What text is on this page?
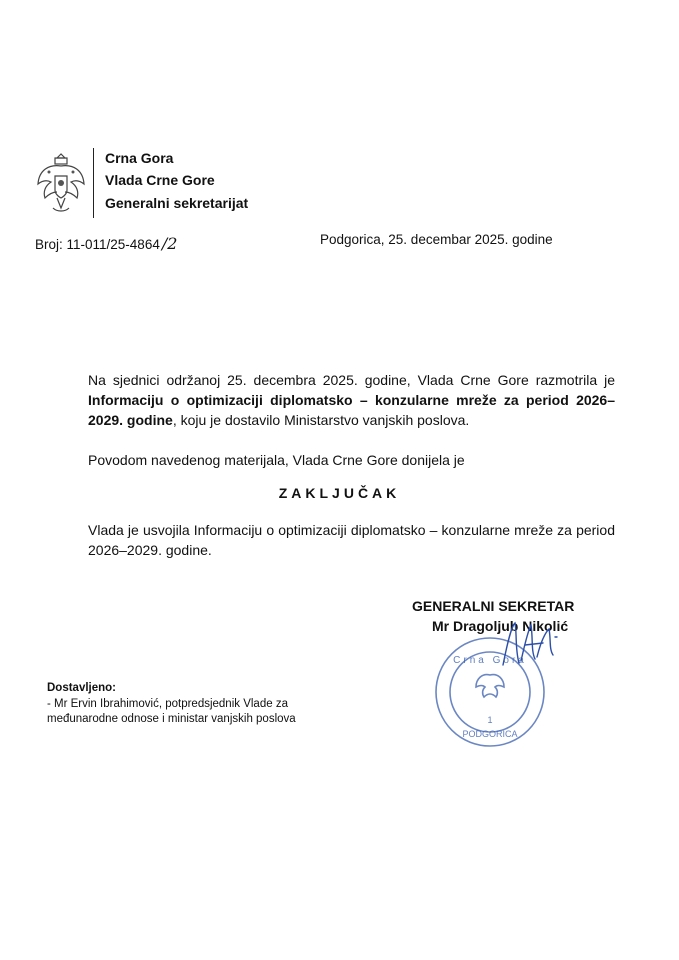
Crna Gora
Vlada Crne Gore
Generalni sekretarijat
Broj: 11-011/25-4864 /2	Podgorica, 25. decembar 2025. godine
Na sjednici održanoj 25. decembra 2025. godine, Vlada Crne Gore razmotrila je Informaciju o optimizaciji diplomatsko – konzularne mreže za period 2026–2029. godine, koju je dostavilo Ministarstvo vanjskih poslova.
Povodom navedenog materijala, Vlada Crne Gore donijela je
ZAKLJUČAK
Vlada je usvojila Informaciju o optimizaciji diplomatsko – konzularne mreže za period 2026–2029. godine.
GENERALNI SEKRETAR
Mr Dragoljub Nikolić
1
PODGORICA
Crna Gora
Dostavljeno:
- Mr Ervin Ibrahimović, potpredsjednik Vlade za međunarodne odnose i ministar vanjskih poslova
